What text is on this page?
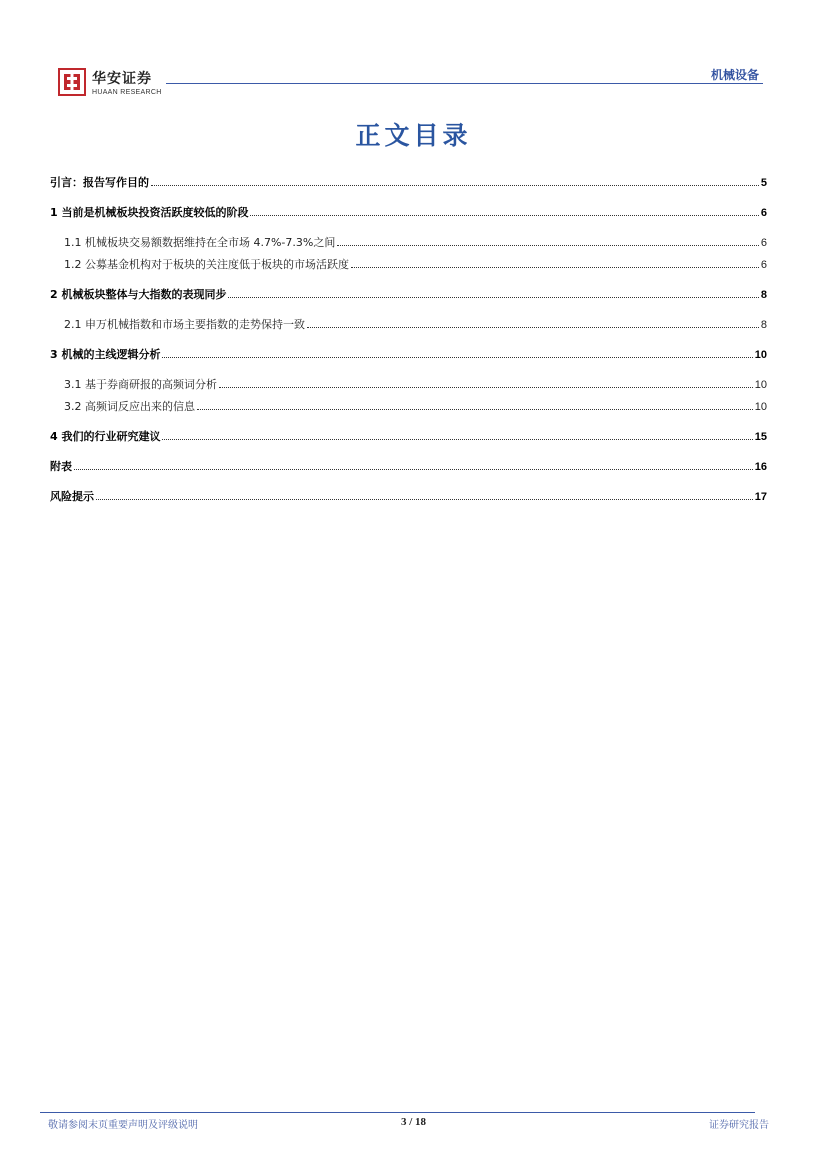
华安证券
HUAAN RESEARCH
机械设备
正文目录
引言：报告写作目的	5
1 当前是机械板块投资活跃度较低的阶段	6
1.1 机械板块交易额数据维持在全市场 4.7%-7.3%之间	6
1.2 公募基金机构对于板块的关注度低于板块的市场活跃度	6
2 机械板块整体与大指数的表现同步	8
2.1 申万机械指数和市场主要指数的走势保持一致	8
3 机械的主线逻辑分析	10
3.1 基于券商研报的高频词分析	10
3.2 高频词反应出来的信息	10
4 我们的行业研究建议	15
附表	16
风险提示	17
敬请参阅末页重要声明及评级说明	3 / 18	证券研究报告
